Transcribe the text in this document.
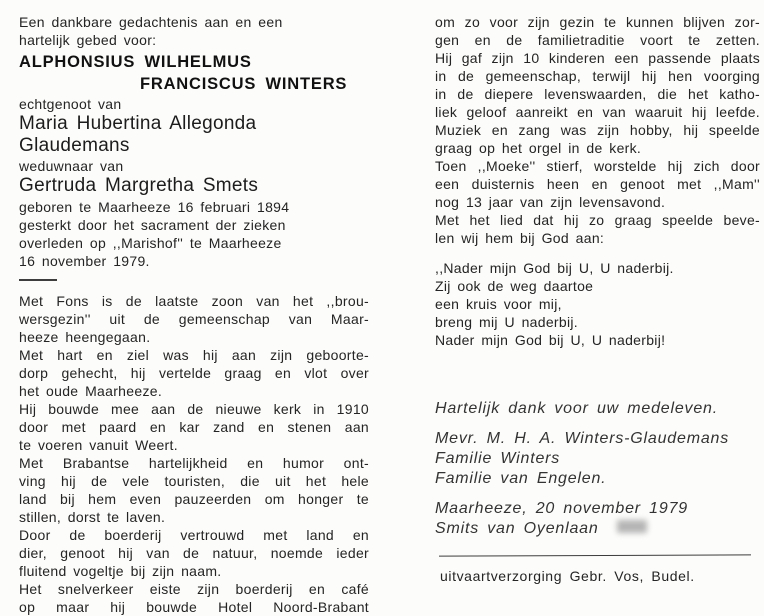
Een dankbare gedachtenis aan en een
hartelijk gebed voor:
ALPHONSIUS WILHELMUS
FRANCISCUS WINTERS
echtgenoot van
Maria Hubertina Allegonda Glaudemans
weduwnaar van
Gertruda Margretha Smets
geboren te Maarheeze 16 februari 1894
gesterkt door het sacrament der zieken
overleden op ,,Marishof'' te Maarheeze
16 november 1979.
Met Fons is de laatste zoon van het ,,brou-
wersgezin'' uit de gemeenschap van Maar-
heeze heengegaan.
Met hart en ziel was hij aan zijn geboorte-
dorp gehecht, hij vertelde graag en vlot over
het oude Maarheeze.
Hij bouwde mee aan de nieuwe kerk in 1910
door met paard en kar zand en stenen aan
te voeren vanuit Weert.
Met Brabantse hartelijkheid en humor ont-
ving hij de vele touristen, die uit het hele
land bij hem even pauzeerden om honger te
stillen, dorst te laven.
Door de boerderij vertrouwd met land en
dier, genoot hij van de natuur, noemde ieder
fluitend vogeltje bij zijn naam.
Het snelverkeer eiste zijn boerderij en café
op maar hij bouwde Hotel Noord-Brabant
om zo voor zijn gezin te kunnen blijven zor-
gen en de familietraditie voort te zetten.
Hij gaf zijn 10 kinderen een passende plaats
in de gemeenschap, terwijl hij hen voorging
in de diepere levenswaarden, die het katho-
liek geloof aanreikt en van waaruit hij leefde.
Muziek en zang was zijn hobby, hij speelde
graag op het orgel in de kerk.
Toen ,,Moeke'' stierf, worstelde hij zich door
een duisternis heen en genoot met ,,Mam''
nog 13 jaar van zijn levensavond.
Met het lied dat hij zo graag speelde beve-
len wij hem bij God aan:
,,Nader mijn God bij U, U naderbij.
Zij ook de weg daartoe
een kruis voor mij,
breng mij U naderbij.
Nader mijn God bij U, U naderbij!
Hartelijk dank voor uw medeleven.
Mevr. M. H. A. Winters-Glaudemans
Familie Winters
Familie van Engelen.
Maarheeze, 20 november 1979
Smits van Oyenlaan
uitvaartverzorging Gebr. Vos, Budel.
